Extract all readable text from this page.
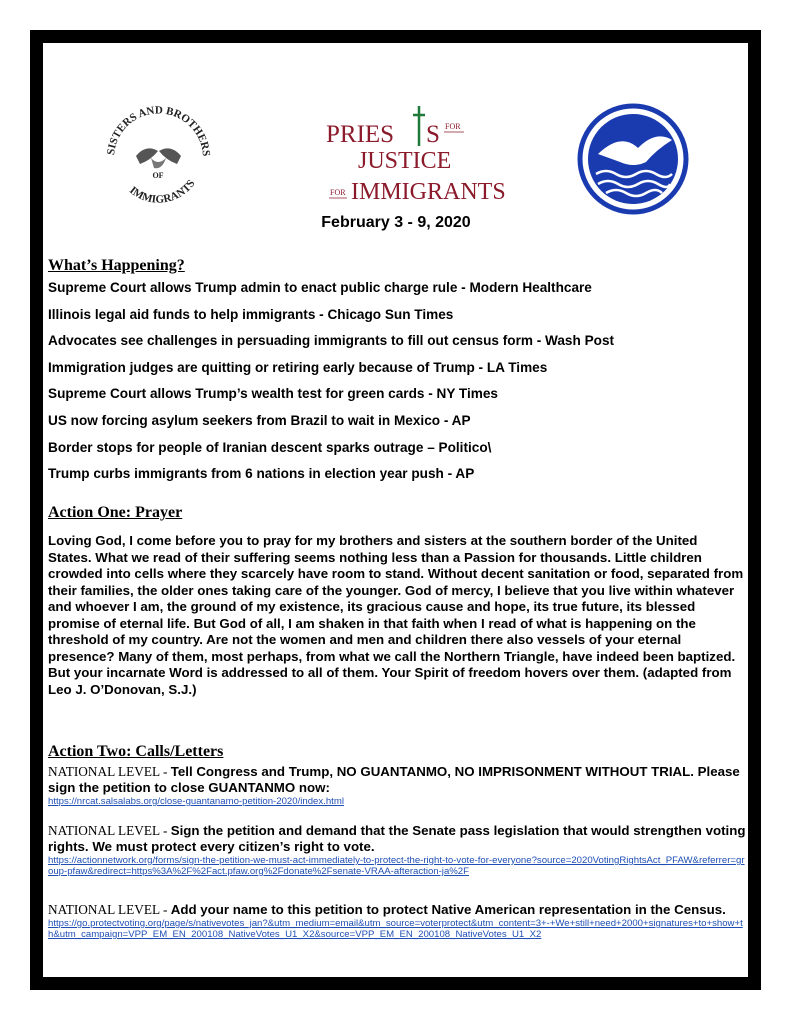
SISTERS AND BROTHERS
IMMIGRANTS
OF
PRIES S FOR
JUSTICE
FOR IMMIGRANTS
February 3 - 9, 2020
What’s Happening?
Supreme Court allows Trump admin to enact public charge rule - Modern Healthcare
Illinois legal aid funds to help immigrants - Chicago Sun Times
Advocates see challenges in persuading immigrants to fill out census form - Wash Post
Immigration judges are quitting or retiring early because of Trump - LA Times
Supreme Court allows Trump’s wealth test for green cards - NY Times
US now forcing asylum seekers from Brazil to wait in Mexico - AP
Border stops for people of Iranian descent sparks outrage – Politico\
Trump curbs immigrants from 6 nations in election year push - AP
Action One: Prayer

Loving God, I come before you to pray for my brothers and sisters at the southern border of the United States. What we read of their suffering seems nothing less than a Passion for thousands. Little children crowded into cells where they scarcely have room to stand. Without decent sanitation or food, separated from their families, the older ones taking care of the younger. God of mercy, I believe that you live within whatever and whoever I am, the ground of my existence, its gracious cause and hope, its true future, its blessed promise of eternal life. But God of all, I am shaken in that faith when I read of what is happening on the threshold of my country. Are not the women and men and children there also vessels of your eternal presence? Many of them, most perhaps, from what we call the Northern Triangle, have indeed been baptized. But your incarnate Word is addressed to all of them. Your Spirit of freedom hovers over them. (adapted from Leo J. O’Donovan, S.J.)

Action Two: Calls/Letters
NATIONAL LEVEL - Tell Congress and Trump, NO GUANTANMO, NO IMPRISONMENT WITHOUT TRIAL. Please sign the petition to close GUANTANMO now:

https://nrcat.salsalabs.org/close-guantanamo-petition-2020/index.html

NATIONAL LEVEL - Sign the petition and demand that the Senate pass legislation that would strengthen voting rights. We must protect every citizen’s right to vote.

https://actionnetwork.org/forms/sign-the-petition-we-must-act-immediately-to-protect-the-right-to-vote-for-everyone?source=2020VotingRightsAct_PFAW&referrer=group-pfaw&redirect=https%3A%2F%2Fact.pfaw.org%2Fdonate%2Fsenate-VRAA-afteraction-ja%2F

NATIONAL LEVEL - Add your name to this petition to protect Native American representation in the Census.

https://go.protectvoting.org/page/s/nativevotes_jan?&utm_medium=email&utm_source=voterprotect&utm_content=3+-+We+still+need+2000+signatures+to+show+th&utm_campaign=VPP_EM_EN_200108_NativeVotes_U1_X2&source=VPP_EM_EN_200108_NativeVotes_U1_X2
